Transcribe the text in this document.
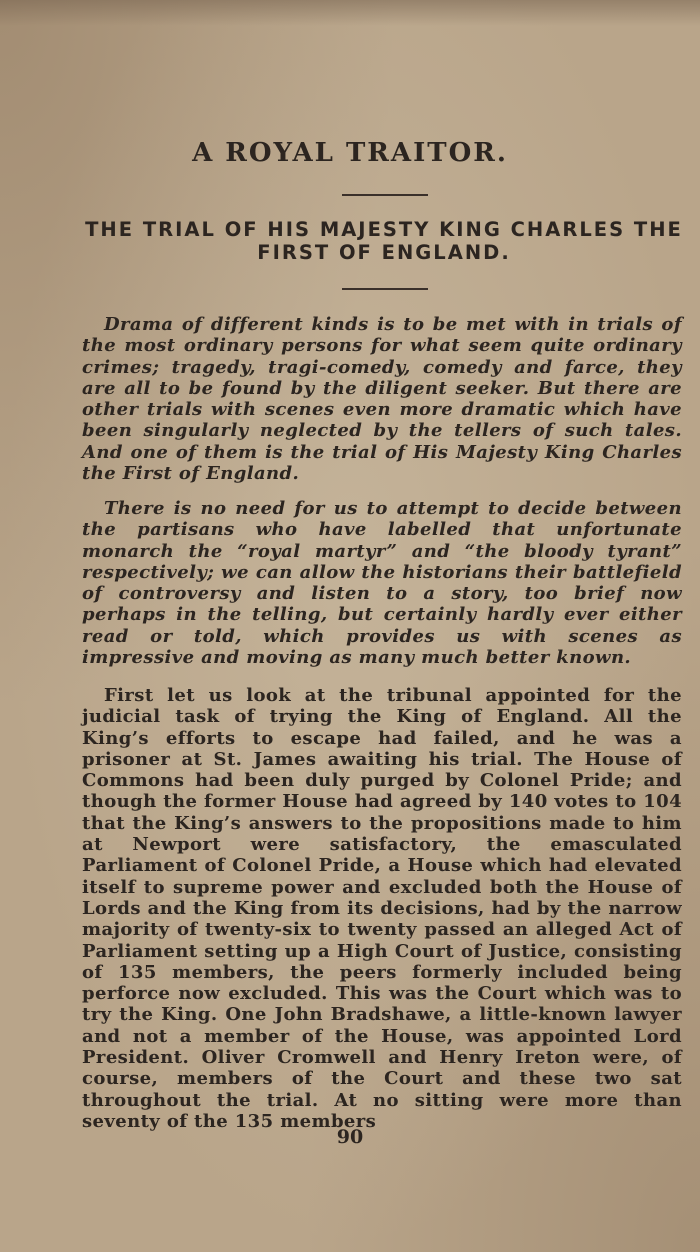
A ROYAL TRAITOR.
THE TRIAL OF HIS MAJESTY KING CHARLES THE FIRST OF ENGLAND.

Drama of different kinds is to be met with in trials of the most ordinary persons for what seem quite ordinary crimes; tragedy, tragi-comedy, comedy and farce, they are all to be found by the diligent seeker. But there are other trials with scenes even more dramatic which have been singularly neglected by the tellers of such tales. And one of them is the trial of His Majesty King Charles the First of England.

There is no need for us to attempt to decide between the partisans who have labelled that unfortunate monarch the “royal martyr” and “the bloody tyrant” respectively; we can allow the historians their battlefield of controversy and listen to a story, too brief now perhaps in the telling, but certainly hardly ever either read or told, which provides us with scenes as impressive and moving as many much better known.

First let us look at the tribunal appointed for the judicial task of trying the King of England. All the King’s efforts to escape had failed, and he was a prisoner at St. James awaiting his trial. The House of Commons had been duly purged by Colonel Pride; and though the former House had agreed by 140 votes to 104 that the King’s answers to the propositions made to him at Newport were satisfactory, the emasculated Parliament of Colonel Pride, a House which had elevated itself to supreme power and excluded both the House of Lords and the King from its decisions, had by the narrow majority of twenty-six to twenty passed an alleged Act of Parliament setting up a High Court of Justice, consisting of 135 members, the peers formerly included being perforce now excluded. This was the Court which was to try the King. One John Bradshawe, a little-known lawyer and not a member of the House, was appointed Lord President. Oliver Cromwell and Henry Ireton were, of course, members of the Court and these two sat throughout the trial. At no sitting were more than seventy of the 135 members

90
